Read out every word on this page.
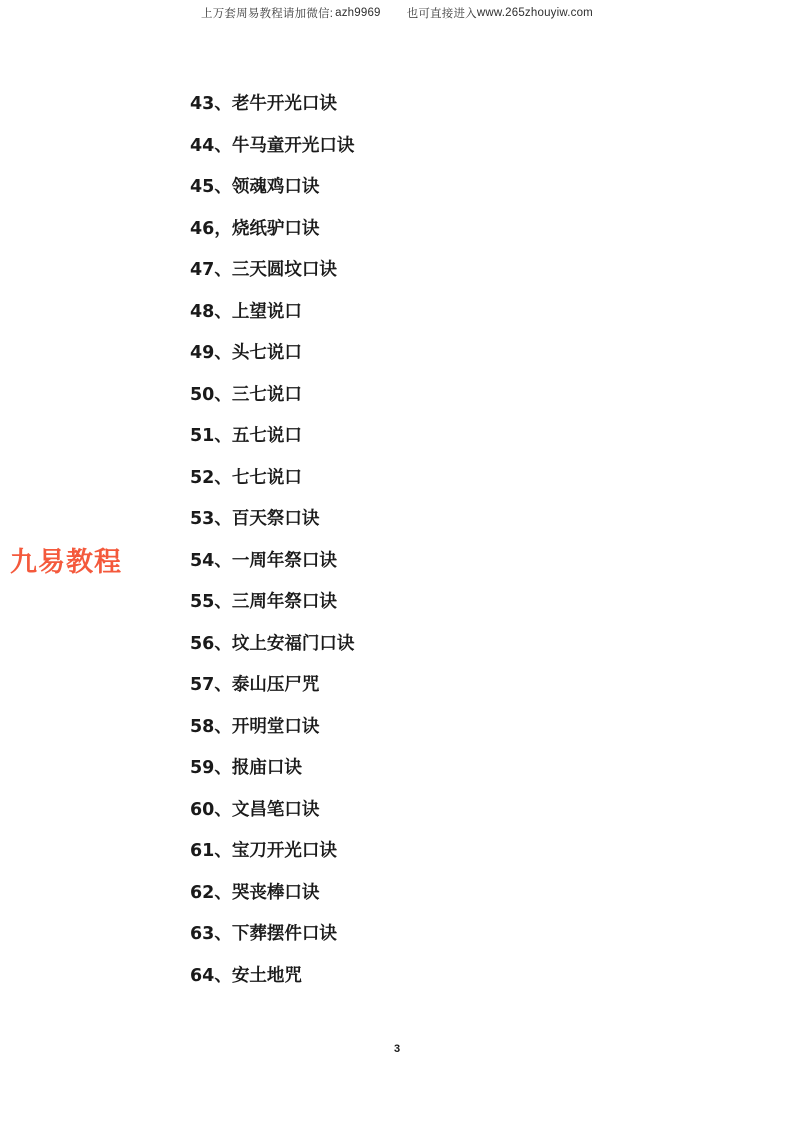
上万套周易教程请加微信: azh9969 也可直接进入 www.265zhouyiw.com
九易教程
43、老牛开光口诀
44、牛马童开光口诀
45、领魂鸡口诀
46，烧纸驴口诀
47、三天圆坟口诀
48、上望说口
49、头七说口
50、三七说口
51、五七说口
52、七七说口
53、百天祭口诀
54、一周年祭口诀
55、三周年祭口诀
56、坟上安福门口诀
57、泰山压尸咒
58、开明堂口诀
59、报庙口诀
60、文昌笔口诀
61、宝刀开光口诀
62、哭丧棒口诀
63、下葬摆件口诀
64、安土地咒
3
